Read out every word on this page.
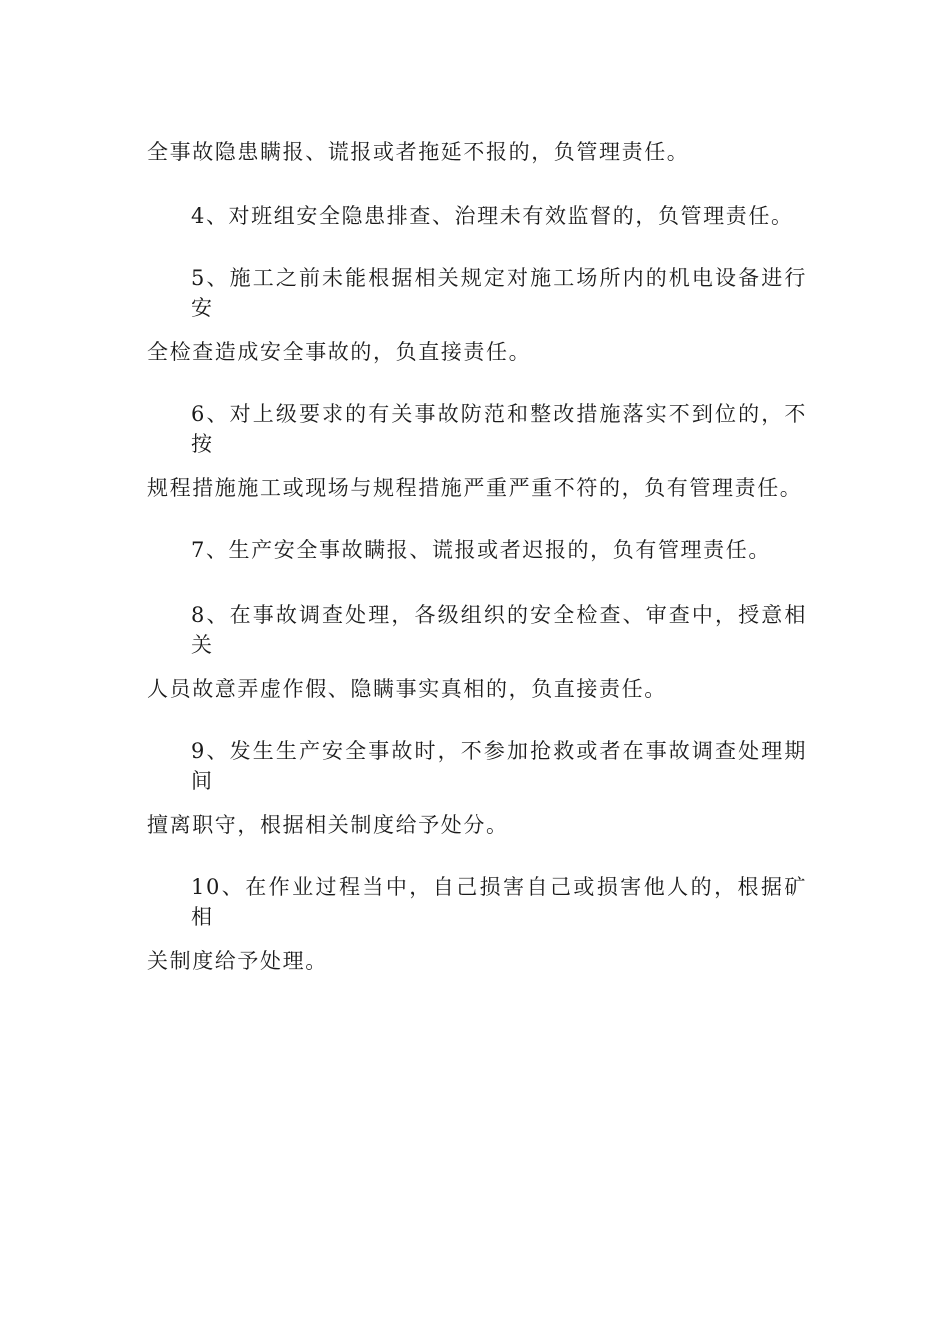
全事故隐患瞒报、谎报或者拖延不报的，负管理责任。
4、对班组安全隐患排查、治理未有效监督的，负管理责任。
5、施工之前未能根据相关规定对施工场所内的机电设备进行安
全检查造成安全事故的，负直接责任。
6、对上级要求的有关事故防范和整改措施落实不到位的，不按
规程措施施工或现场与规程措施严重严重不符的，负有管理责任。
7、生产安全事故瞒报、谎报或者迟报的，负有管理责任。
8、在事故调查处理，各级组织的安全检查、审查中，授意相关
人员故意弄虚作假、隐瞒事实真相的，负直接责任。
9、发生生产安全事故时，不参加抢救或者在事故调查处理期间
擅离职守，根据相关制度给予处分。
10、在作业过程当中，自己损害自己或损害他人的，根据矿相
关制度给予处理。
